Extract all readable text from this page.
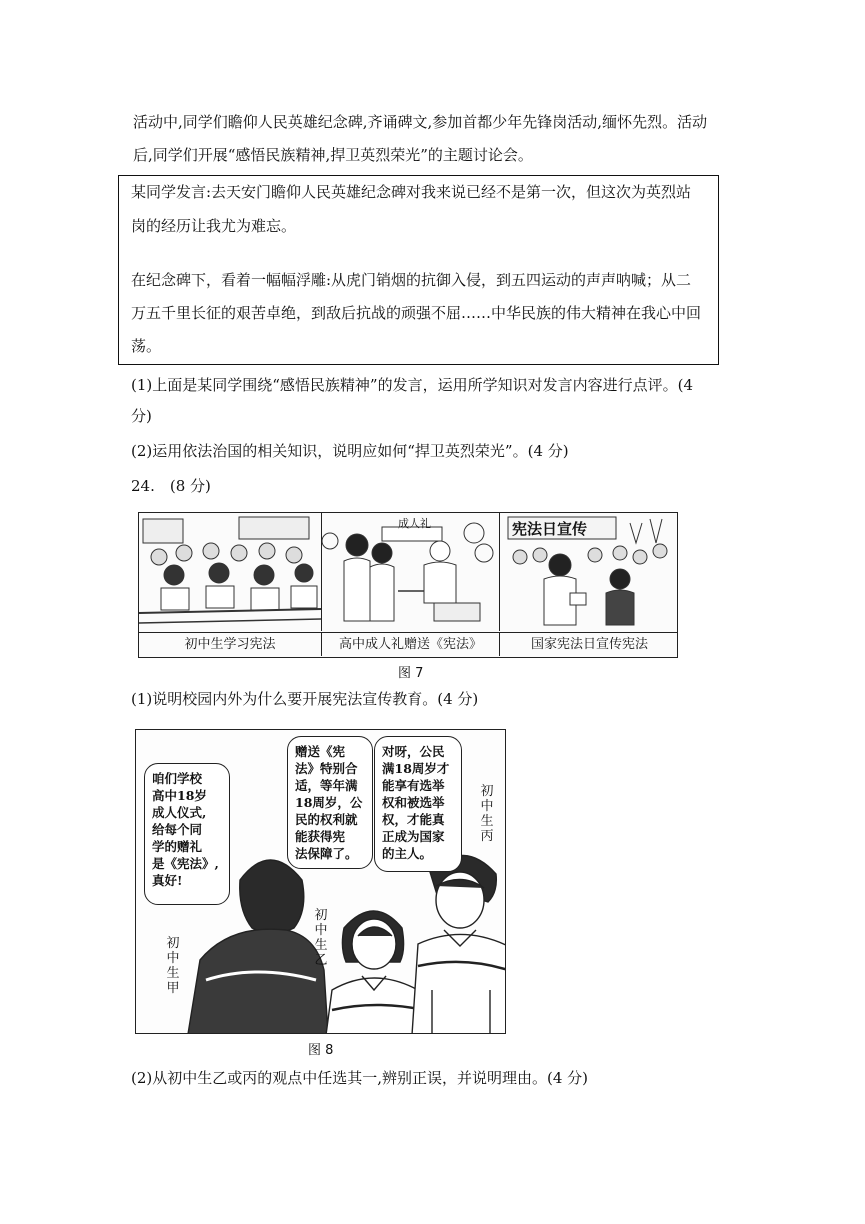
活动中,同学们瞻仰人民英雄纪念碑,齐诵碑文,参加首都少年先锋岗活动,缅怀先烈。活动
后,同学们开展“感悟民族精神,捍卫英烈荣光”的主题讨论会。
某同学发言:去天安门瞻仰人民英雄纪念碑对我来说已经不是第一次，但这次为英烈站
岗的经历让我尤为难忘。
在纪念碑下，看着一幅幅浮雕:从虎门销烟的抗御入侵，到五四运动的声声呐喊；从二
万五千里长征的艰苦卓绝，到敌后抗战的顽强不屈……中华民族的伟大精神在我心中回
荡。
(1)上面是某同学围绕“感悟民族精神”的发言，运用所学知识对发言内容进行点评。(4
分)
(2)运用依法治国的相关知识，说明应如何“捍卫英烈荣光”。(4 分)
24.　(8 分)
成人礼	宪法日宣传
初中生学习宪法	高中成人礼赠送《宪法》	国家宪法日宣传宪法
图 7
(1)说明校园内外为什么要开展宪法宣传教育。(4 分)
咱们学校
高中18岁
成人仪式,
给每个同
学的赠礼
是《宪法》,
真好!
赠送《宪
法》特别合
适，等年满
18周岁，公
民的权利就
能获得宪
法保障了。
对呀，公民
满18周岁才
能享有选举
权和被选举
权，才能真
正成为国家
的主人。
初
中
生
甲
初
中
生
乙
初
中
生
丙
图 8
(2)从初中生乙或丙的观点中任选其一,辨别正误，并说明理由。(4 分)
